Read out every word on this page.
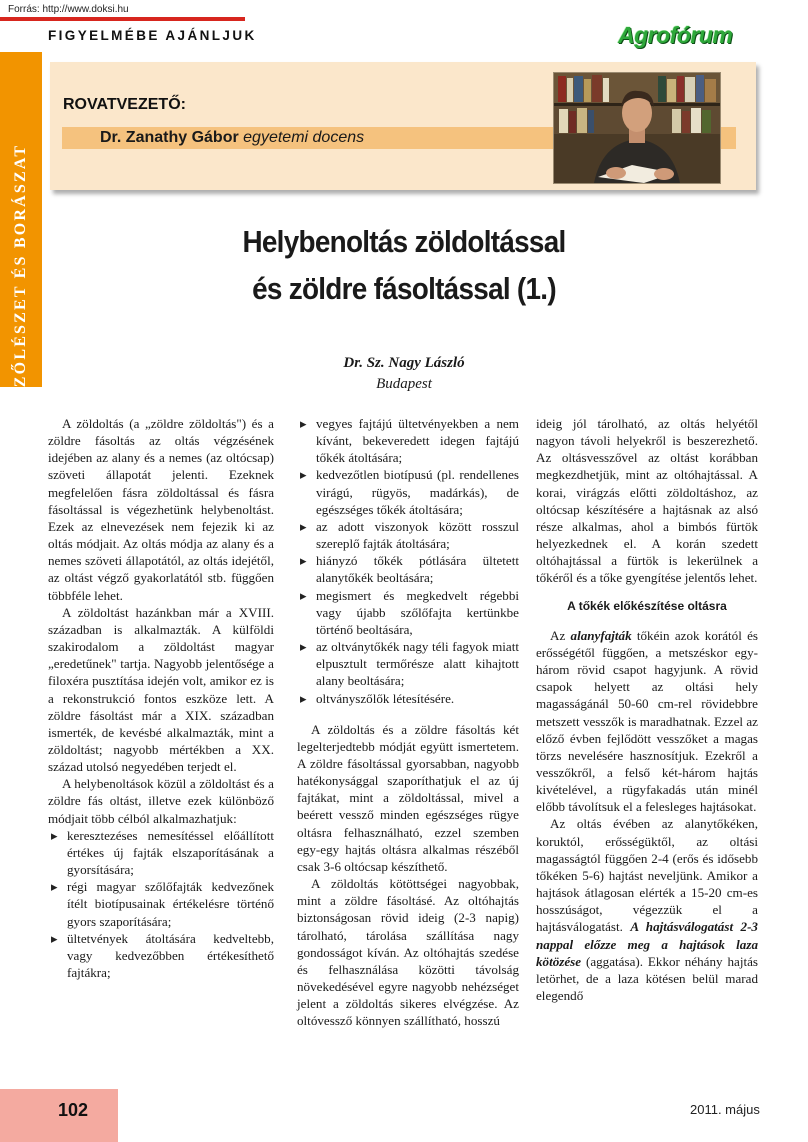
Forrás: http://www.doksi.hu
FIGYELMÉBE AJÁNLJUK	Agrofórum
SZŐLÉSZET ÉS BORÁSZAT
ROVATVEZETŐ:
Dr. Zanathy Gábor egyetemi docens
Helybenoltás zöldoltással
és zöldre fásoltással (1.)
Dr. Sz. Nagy László
Budapest

A zöldoltás (a „zöldre zöldoltás") és a zöldre fásoltás az oltás végzésének idejében az alany és a nemes (az oltócsap) szöveti állapotát jelenti. Ezeknek megfelelően fásra zöldoltással és fásra fásoltással is végezhetünk helybenoltást. Ezek az elnevezések nem fejezik ki az oltás módjait. Az oltás módja az alany és a nemes szöveti állapotától, az oltás idejétől, az oltást végző gyakorlatától stb. függően többféle lehet.

A zöldoltást hazánkban már a XVIII. században is alkalmazták. A külföldi szakirodalom a zöldoltást magyar „eredetűnek" tartja. Nagyobb jelentősége a filoxéra pusztítása idején volt, amikor ez is a rekonstrukció fontos eszköze lett. A zöldre fásoltást már a XIX. században ismerték, de kevésbé alkalmazták, mint a zöldoltást; nagyobb mértékben a XX. század utolsó negyedében terjedt el.

A helybenoltások közül a zöldoltást és a zöldre fás oltást, illetve ezek különböző módjait több célból alkalmazhatjuk:

▸ keresztezéses nemesítéssel előállított értékes új fajták elszaporításának a gyorsítására;
▸ régi magyar szőlőfajták kedvezőnek ítélt biotípusainak értékelésre történő gyors szaporítására;
▸ ültetvények átoltására kedveltebb, vagy kedvezőbben értékesíthető fajtákra;
▸ vegyes fajtájú ültetvényekben a nem kívánt, bekeveredett idegen fajtájú tőkék átoltására;
▸ kedvezőtlen biotípusú (pl. rendellenes virágú, rügyös, madárkás), de egészséges tőkék átoltására;
▸ az adott viszonyok között rosszul szereplő fajták átoltására;
▸ hiányzó tőkék pótlására ültetett alanytőkék beoltására;
▸ megismert és megkedvelt régebbi vagy újabb szőlőfajta kertünkbe történő beoltására,
▸ az oltványtőkék nagy téli fagyok miatt elpusztult termőrésze alatt kihajtott alany beoltására;
▸ oltványszőlők létesítésére.

A zöldoltás és a zöldre fásoltás két legelterjedtebb módját együtt ismertetem. A zöldre fásoltással gyorsabban, nagyobb hatékonysággal szaporíthatjuk el az új fajtákat, mint a zöldoltással, mivel a beérett vessző minden egészséges rügye oltásra felhasználható, ezzel szemben egy-egy hajtás oltásra alkalmas részéből csak 3-6 oltócsap készíthető.

A zöldoltás kötöttségei nagyobbak, mint a zöldre fásoltásé. Az oltóhajtás biztonságosan rövid ideig (2-3 napig) tárolható, tárolása szállítása nagy gondosságot kíván. Az oltóhajtás szedése és felhasználása közötti távolság növekedésével egyre nagyobb nehézséget jelent a zöldoltás sikeres elvégzése. Az oltóvessző könnyen szállítható, hosszú

ideig jól tárolható, az oltás helyétől nagyon távoli helyekről is beszerezhető. Az oltásvesszővel az oltást korábban megkezdhetjük, mint az oltóhajtással. A korai, virágzás előtti zöldoltáshoz, az oltócsap készítésére a hajtásnak az alsó része alkalmas, ahol a bimbós fürtök helyezkednek el. A korán szedett oltóhajtással a fürtök is lekerülnek a tőkéről és a tőke gyengítése jelentős lehet.

A tőkék előkészítése oltásra

Az alanyfajták tőkéin azok korától és erősségétől függően, a metszéskor egy-három rövid csapot hagyjunk. A rövid csapok helyett az oltási hely magasságánál 50-60 cm-rel rövidebbre metszett vesszők is maradhatnak. Ezzel az előző évben fejlődött vesszőket a magas törzs nevelésére hasznosítjuk. Ezekről a vesszőkről, a felső két-három hajtás kivételével, a rügyfakadás után minél előbb távolítsuk el a felesleges hajtásokat.

Az oltás évében az alanytőkéken, koruktól, erősségüktől, az oltási magasságtól függően 2-4 (erős és idősebb tőkéken 5-6) hajtást neveljünk. Amikor a hajtások átlagosan elérték a 15-20 cm-es hosszúságot, végezzük el a hajtásválogatást. A hajtásválogatást 2-3 nappal előzze meg a hajtások laza kötözése (aggatása). Ekkor néhány hajtás letörhet, de a laza kötésen belül marad elegendő

102	2011. május
